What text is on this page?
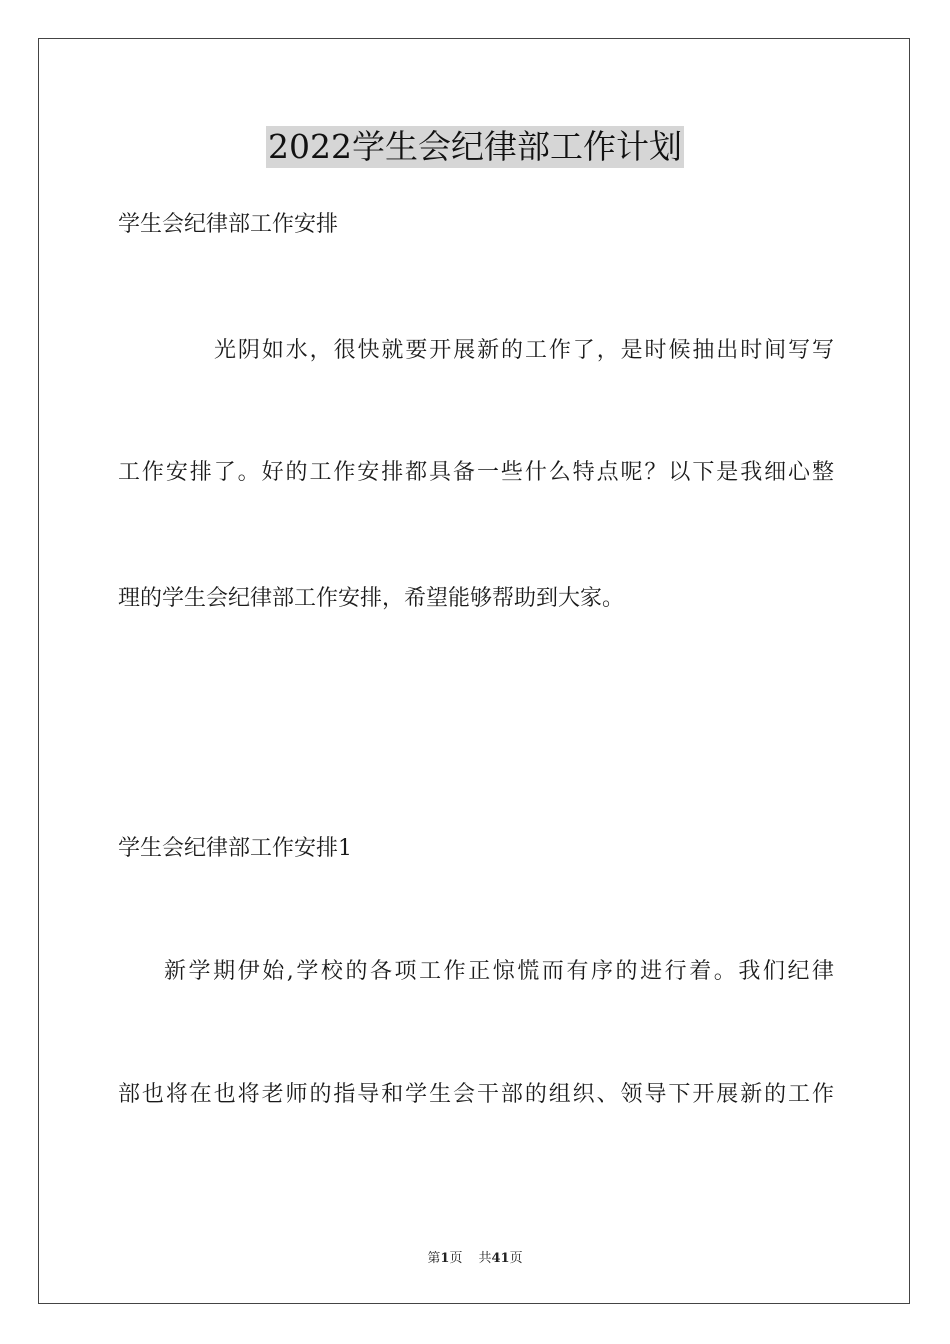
2022学生会纪律部工作计划
学生会纪律部工作安排
光阴如水，很快就要开展新的工作了，是时候抽出时间写写
工作安排了。好的工作安排都具备一些什么特点呢？以下是我细心整
理的学生会纪律部工作安排，希望能够帮助到大家。
学生会纪律部工作安排1
新学期伊始,学校的各项工作正惊慌而有序的进行着。我们纪律
部也将在也将老师的指导和学生会干部的组织、领导下开展新的工作
第1页 共41页
